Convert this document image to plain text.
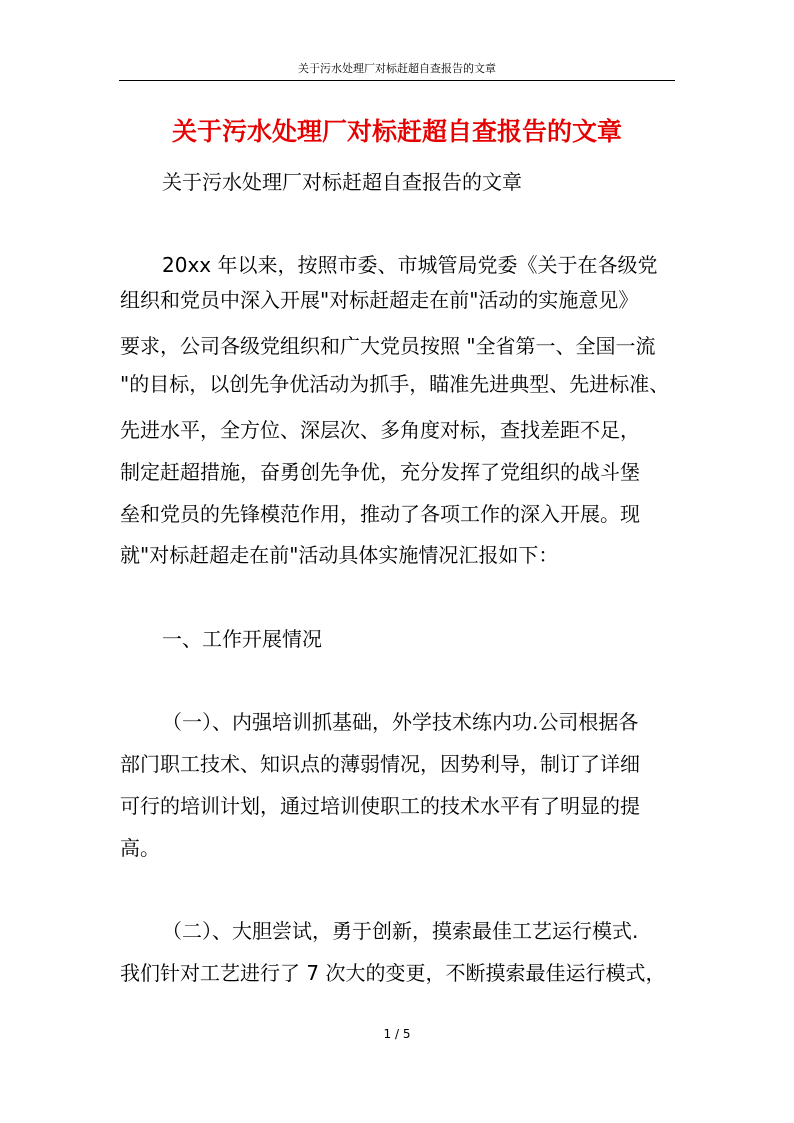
关于污水处理厂对标赶超自查报告的文章
关于污水处理厂对标赶超自查报告的文章

关于污水处理厂对标赶超自查报告的文章

20xx 年以来，按照市委、市城管局党委《关于在各级党

组织和党员中深入开展"对标赶超走在前"活动的实施意见》

要求，公司各级党组织和广大党员按照 "全省第一、全国一流

"的目标，以创先争优活动为抓手，瞄准先进典型、先进标准、

先进水平，全方位、深层次、多角度对标，查找差距不足，

制定赶超措施，奋勇创先争优，充分发挥了党组织的战斗堡

垒和党员的先锋模范作用，推动了各项工作的深入开展。现

就"对标赶超走在前"活动具体实施情况汇报如下：

一、工作开展情况

（一）、内强培训抓基础，外学技术练内功.公司根据各

部门职工技术、知识点的薄弱情况，因势利导，制订了详细

可行的培训计划，通过培训使职工的技术水平有了明显的提

高。

（二）、大胆尝试，勇于创新，摸索最佳工艺运行模式.

我们针对工艺进行了 7 次大的变更，不断摸索最佳运行模式，

1 / 5
